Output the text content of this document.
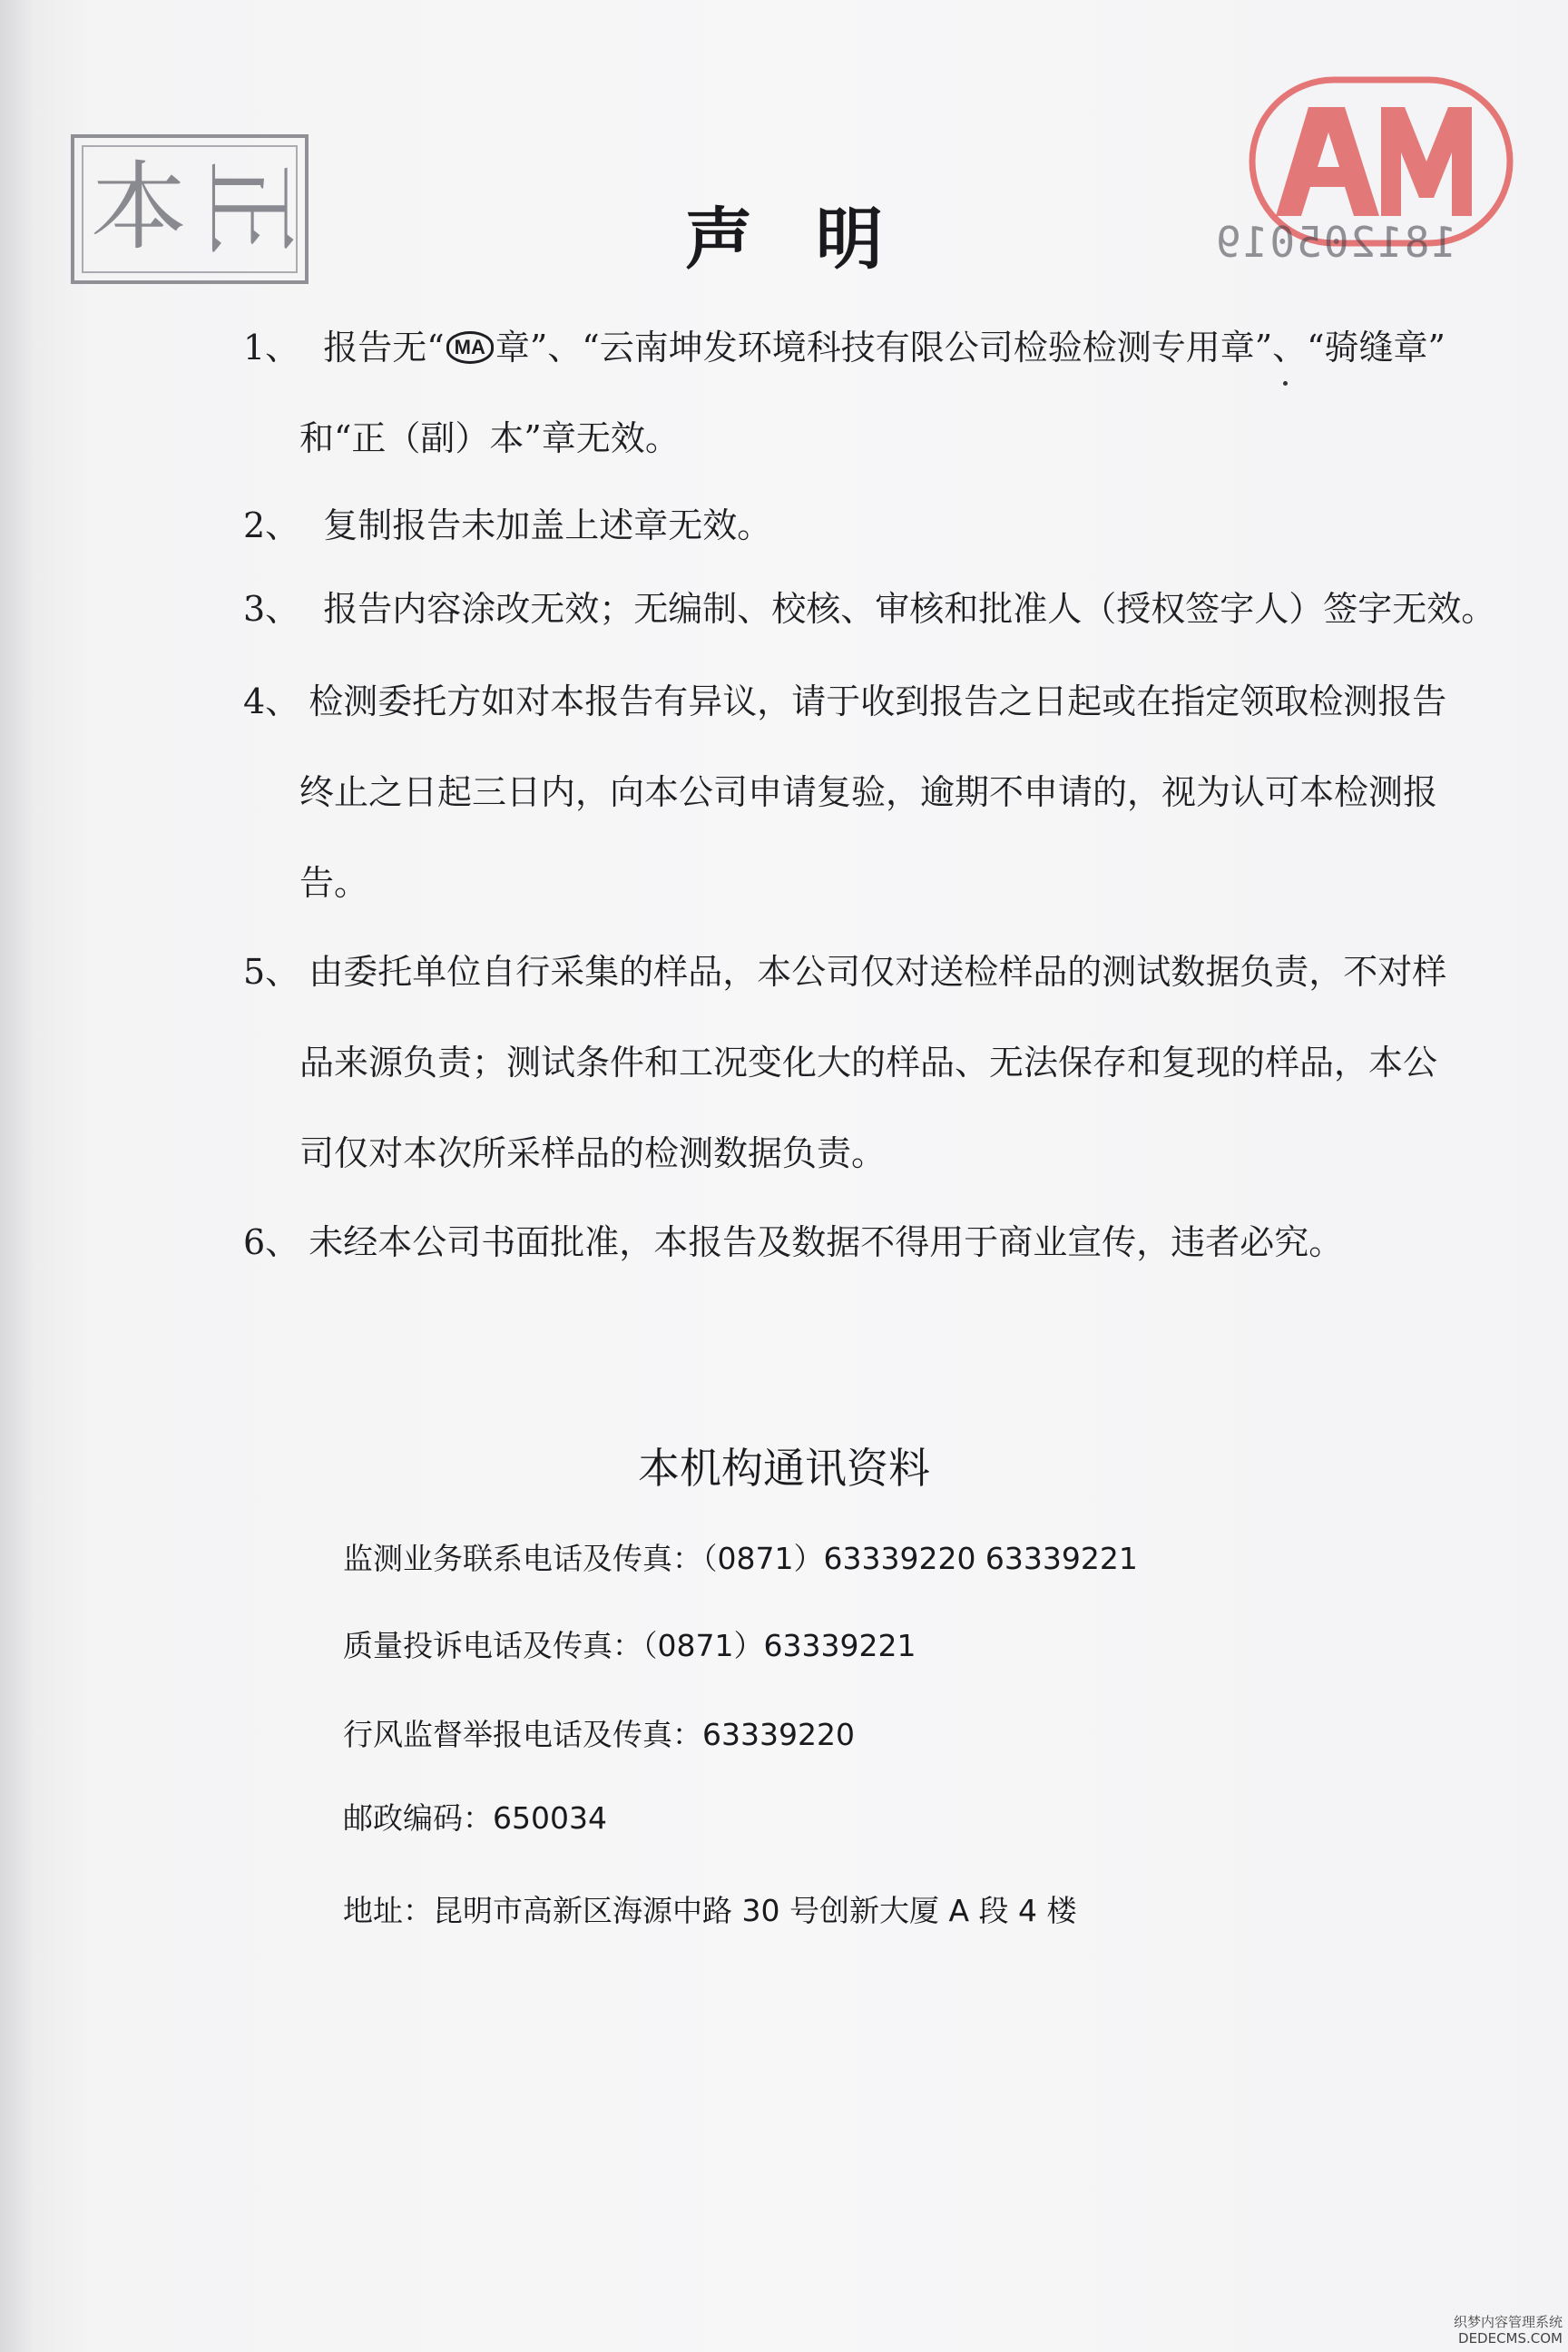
本 正
CMA
181205019
声明
1、 报告无“ MA 章”、“云南坤发环境科技有限公司检验检测专用章”、“骑缝章”
和“正（副）本”章无效。
2、 复制报告未加盖上述章无效。
3、 报告内容涂改无效；无编制、校核、审核和批准人（授权签字人）签字无效。
4、 检测委托方如对本报告有异议，请于收到报告之日起或在指定领取检测报告
终止之日起三日内，向本公司申请复验，逾期不申请的，视为认可本检测报
告。
5、 由委托单位自行采集的样品，本公司仅对送检样品的测试数据负责，不对样
品来源负责；测试条件和工况变化大的样品、无法保存和复现的样品，本公
司仅对本次所采样品的检测数据负责。
6、 未经本公司书面批准，本报告及数据不得用于商业宣传，违者必究。
本机构通讯资料
监测业务联系电话及传真：（0871）63339220 63339221
质量投诉电话及传真：（0871）63339221
行风监督举报电话及传真：63339220
邮政编码：650034
地址：昆明市高新区海源中路 30 号创新大厦 A 段 4 楼
织梦内容管理系统
DEDECMS.COM
